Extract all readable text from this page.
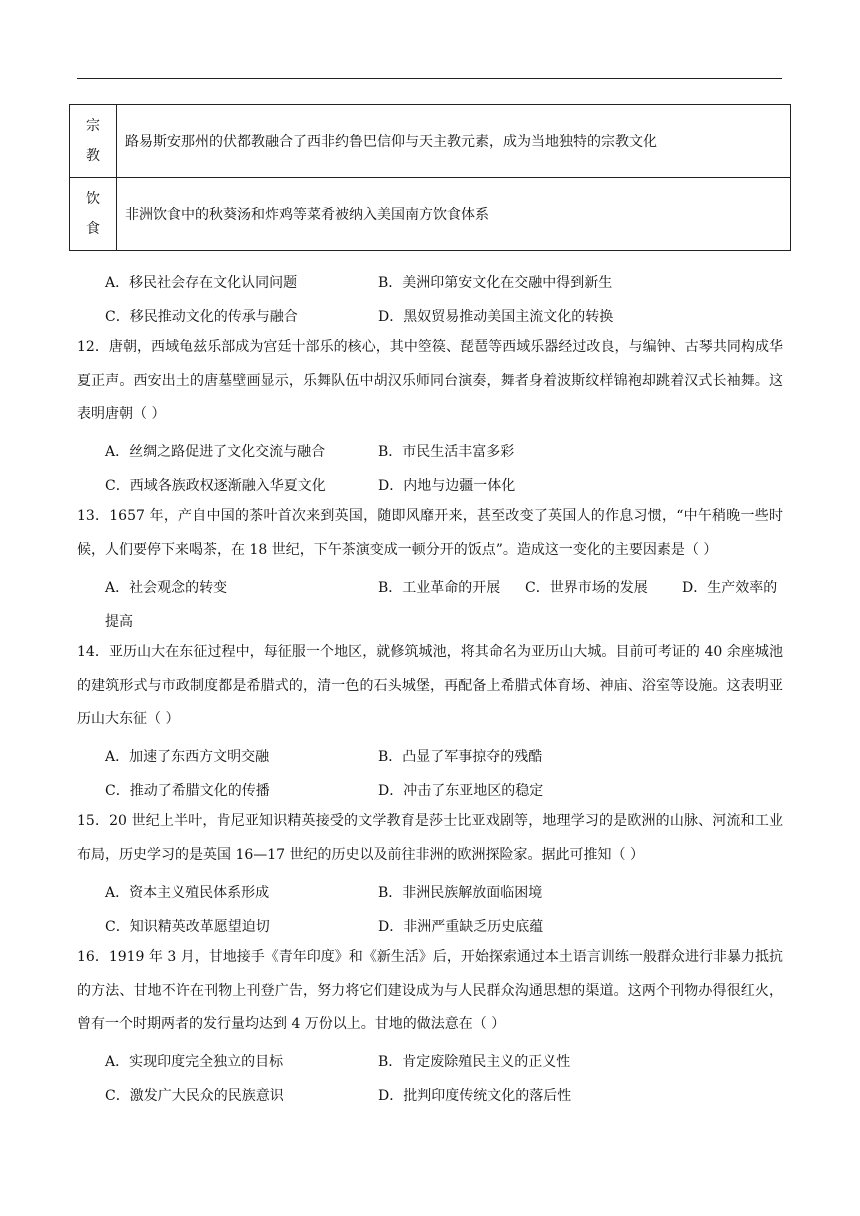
宗
教	路易斯安那州的伏都教融合了西非约鲁巴信仰与天主教元素，成为当地独特的宗教文化

饮
食	非洲饮食中的秋葵汤和炸鸡等菜肴被纳入美国南方饮食体系
A．移民社会存在文化认同问题	B．美洲印第安文化在交融中得到新生
C．移民推动文化的传承与融合	D．黑奴贸易推动美国主流文化的转换

12．唐朝，西域龟兹乐部成为宫廷十部乐的核心，其中箜篌、琵琶等西域乐器经过改良，与编钟、古琴共同构成华夏正声。西安出土的唐墓壁画显示，乐舞队伍中胡汉乐师同台演奏，舞者身着波斯纹样锦袍却跳着汉式长袖舞。这表明唐朝（ ）

A．丝绸之路促进了文化交流与融合	B．市民生活丰富多彩
C．西域各族政权逐渐融入华夏文化	D．内地与边疆一体化

13．1657 年，产自中国的茶叶首次来到英国，随即风靡开来，甚至改变了英国人的作息习惯，“中午稍晚一些时候，人们要停下来喝茶，在 18 世纪，下午茶演变成一顿分开的饭点”。造成这一变化的主要因素是（ ）

A．社会观念的转变	B．工业革命的开展 C．世界市场的发展 D．生产效率的
提高

14．亚历山大在东征过程中，每征服一个地区，就修筑城池，将其命名为亚历山大城。目前可考证的 40 余座城池的建筑形式与市政制度都是希腊式的，清一色的石头城堡，再配备上希腊式体育场、神庙、浴室等设施。这表明亚历山大东征（ ）

A．加速了东西方文明交融	B．凸显了军事掠夺的残酷
C．推动了希腊文化的传播	D．冲击了东亚地区的稳定

15．20 世纪上半叶，肯尼亚知识精英接受的文学教育是莎士比亚戏剧等，地理学习的是欧洲的山脉、河流和工业布局，历史学习的是英国 16—17 世纪的历史以及前往非洲的欧洲探险家。据此可推知（ ）

A．资本主义殖民体系形成	B．非洲民族解放面临困境
C．知识精英改革愿望迫切	D．非洲严重缺乏历史底蕴

16．1919 年 3 月，甘地接手《青年印度》和《新生活》后，开始探索通过本土语言训练一般群众进行非暴力抵抗的方法、甘地不许在刊物上刊登广告，努力将它们建设成为与人民群众沟通思想的渠道。这两个刊物办得很红火，曾有一个时期两者的发行量均达到 4 万份以上。甘地的做法意在（ ）

A．实现印度完全独立的目标	B．肯定废除殖民主义的正义性
C．激发广大民众的民族意识	D．批判印度传统文化的落后性
